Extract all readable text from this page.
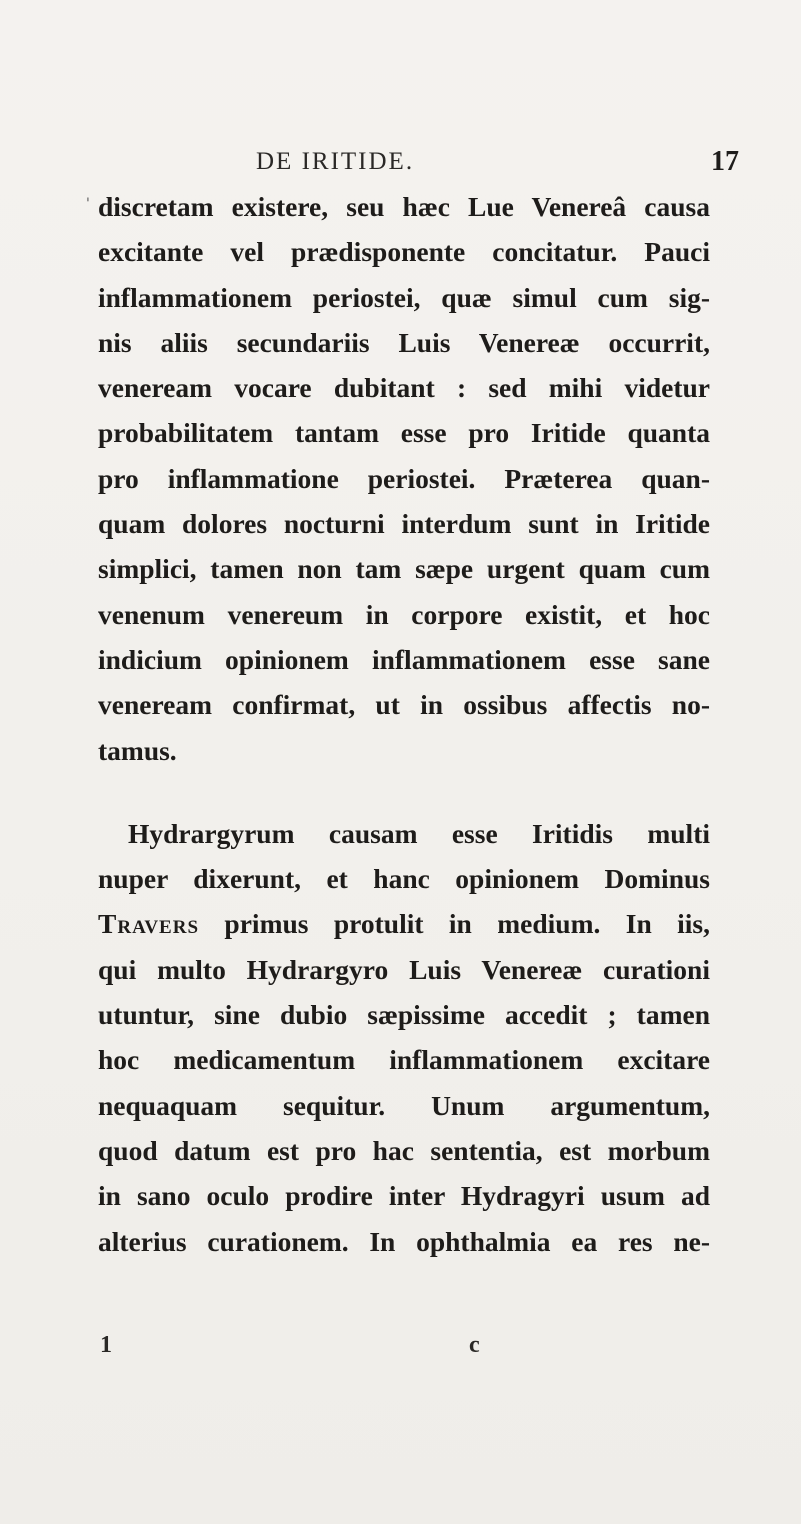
DE IRITIDE.	17
' discretam existere, seu hæc Lue Venereâ causa
excitante vel prædisponente concitatur. Pauci
inflammationem periostei, quæ simul cum sig-
nis aliis secundariis Luis Venereæ occurrit,
veneream vocare dubitant : sed mihi videtur
probabilitatem tantam esse pro Iritide quanta
pro inflammatione periostei. Præterea quan-
quam dolores nocturni interdum sunt in Iritide
simplici, tamen non tam sæpe urgent quam cum
venenum venereum in corpore existit, et hoc
indicium opinionem inflammationem esse sane
veneream confirmat, ut in ossibus affectis no-
tamus.
Hydrargyrum causam esse Iritidis multi
nuper dixerunt, et hanc opinionem Dominus
Travers primus protulit in medium. In iis,
qui multo Hydrargyro Luis Venereæ curationi
utuntur, sine dubio sæpissime accedit ; tamen
hoc medicamentum inflammationem excitare
nequaquam sequitur. Unum argumentum,
quod datum est pro hac sententia, est morbum
in sano oculo prodire inter Hydragyri usum ad
alterius curationem. In ophthalmia ea res ne-
1	c
